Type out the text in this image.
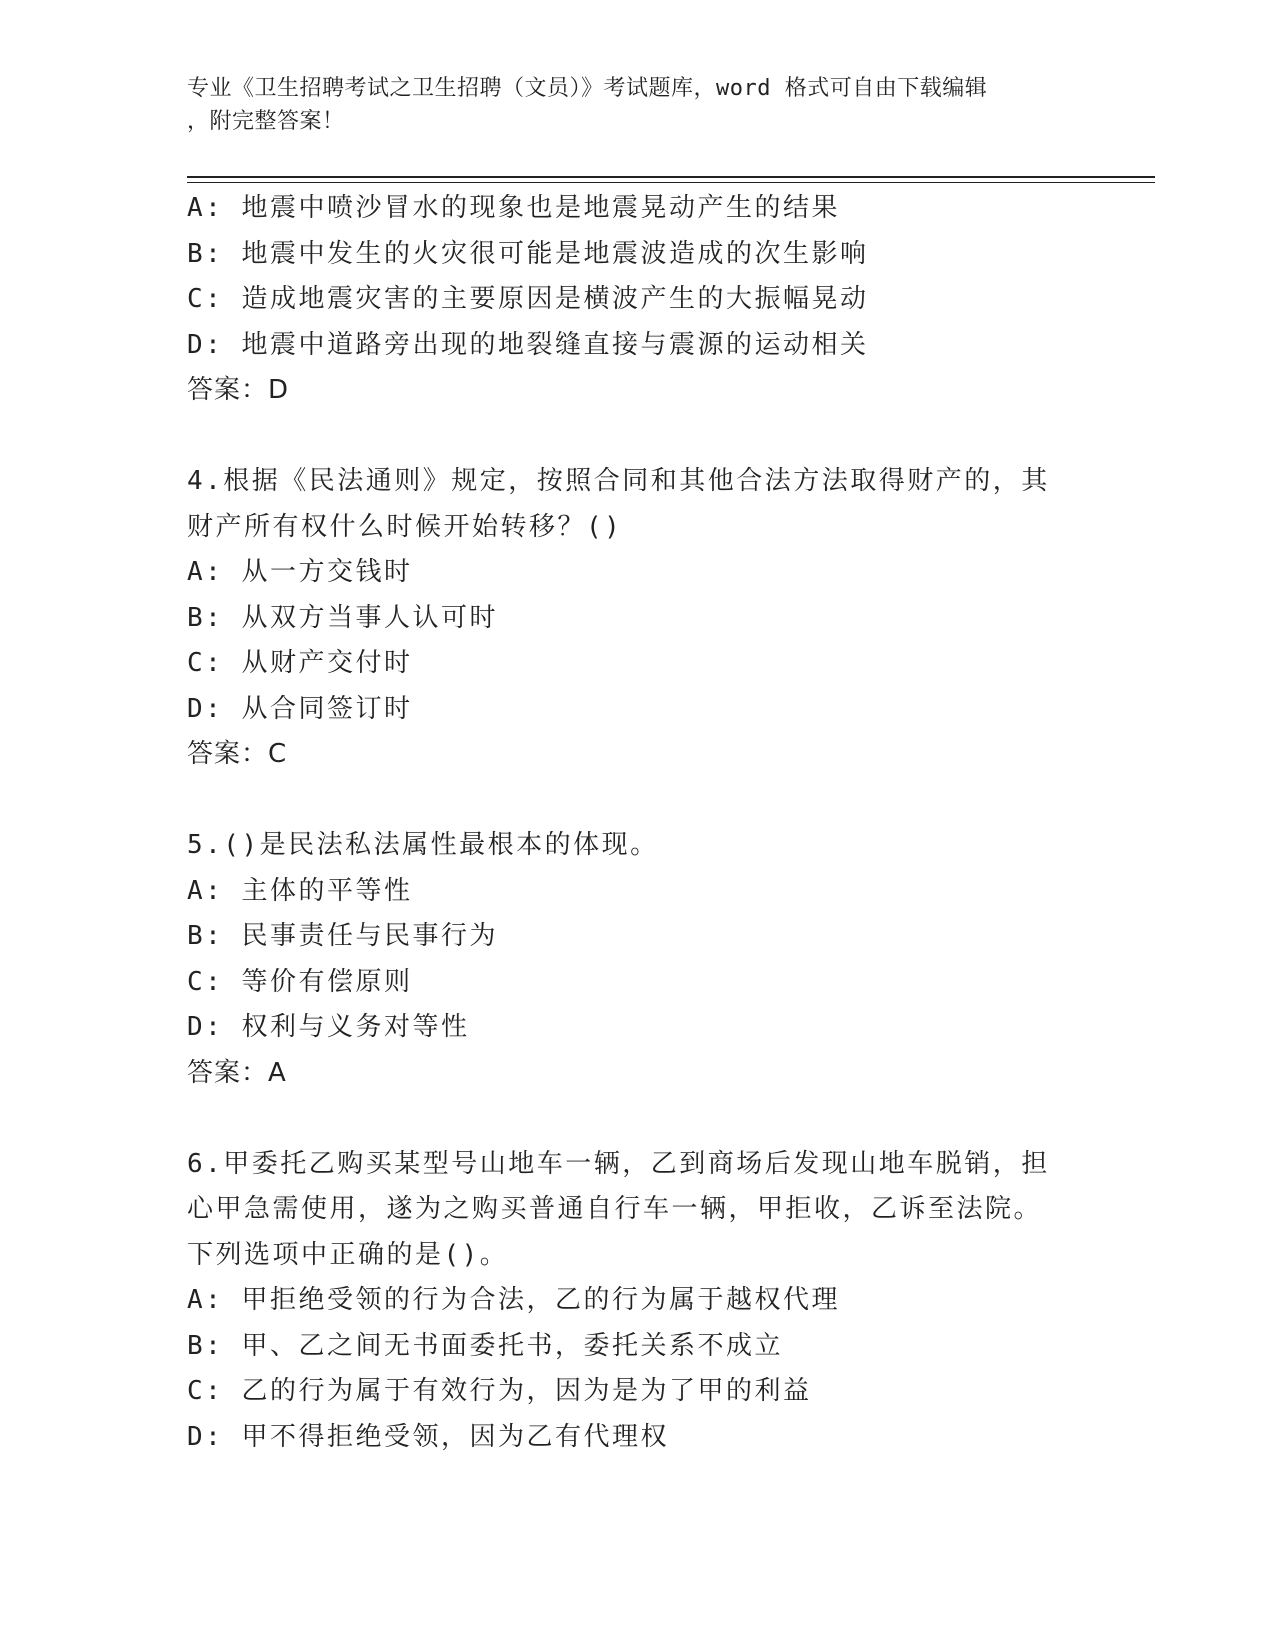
专业《卫生招聘考试之卫生招聘（文员）》考试题库，word 格式可自由下载编辑
，附完整答案！
A: 地震中喷沙冒水的现象也是地震晃动产生的结果
B: 地震中发生的火灾很可能是地震波造成的次生影响
C: 造成地震灾害的主要原因是横波产生的大振幅晃动
D: 地震中道路旁出现的地裂缝直接与震源的运动相关
答案：D
4.根据《民法通则》规定，按照合同和其他合法方法取得财产的，其
财产所有权什么时候开始转移？()
A: 从一方交钱时
B: 从双方当事人认可时
C: 从财产交付时
D: 从合同签订时
答案：C
5.()是民法私法属性最根本的体现。
A: 主体的平等性
B: 民事责任与民事行为
C: 等价有偿原则
D: 权利与义务对等性
答案：A
6.甲委托乙购买某型号山地车一辆，乙到商场后发现山地车脱销，担
心甲急需使用，遂为之购买普通自行车一辆，甲拒收，乙诉至法院。
下列选项中正确的是()。
A: 甲拒绝受领的行为合法，乙的行为属于越权代理
B: 甲、乙之间无书面委托书，委托关系不成立
C: 乙的行为属于有效行为，因为是为了甲的利益
D: 甲不得拒绝受领，因为乙有代理权
